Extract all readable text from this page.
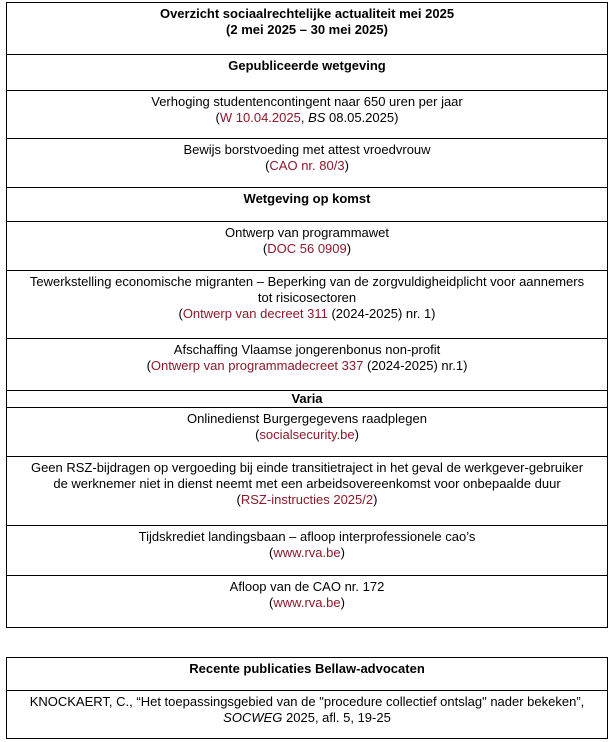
Overzicht sociaalrechtelijke actualiteit mei 2025
(2 mei 2025 – 30 mei 2025)

Gepubliceerde wetgeving

Verhoging studentencontingent naar 650 uren per jaar
(W 10.04.2025, BS 08.05.2025)

Bewijs borstvoeding met attest vroedvrouw
(CAO nr. 80/3)

Wetgeving op komst

Ontwerp van programmawet
(DOC 56 0909)

Tewerkstelling economische migranten – Beperking van de zorgvuldigheidplicht voor aannemers
tot risicosectoren
(Ontwerp van decreet 311 (2024-2025) nr. 1)

Afschaffing Vlaamse jongerenbonus non-profit
(Ontwerp van programmadecreet 337 (2024-2025) nr.1)

Varia

Onlinedienst Burgergegevens raadplegen
(socialsecurity.be)

Geen RSZ-bijdragen op vergoeding bij einde transitietraject in het geval de werkgever-gebruiker
de werknemer niet in dienst neemt met een arbeidsovereenkomst voor onbepaalde duur
(RSZ-instructies 2025/2)

Tijdskrediet landingsbaan – afloop interprofessionele cao’s
(www.rva.be)

Afloop van de CAO nr. 172
(www.rva.be)
Recente publicaties Bellaw-advocaten

KNOCKAERT, C., “Het toepassingsgebied van de "procedure collectief ontslag" nader bekeken”,
SOCWEG 2025, afl. 5, 19-25
